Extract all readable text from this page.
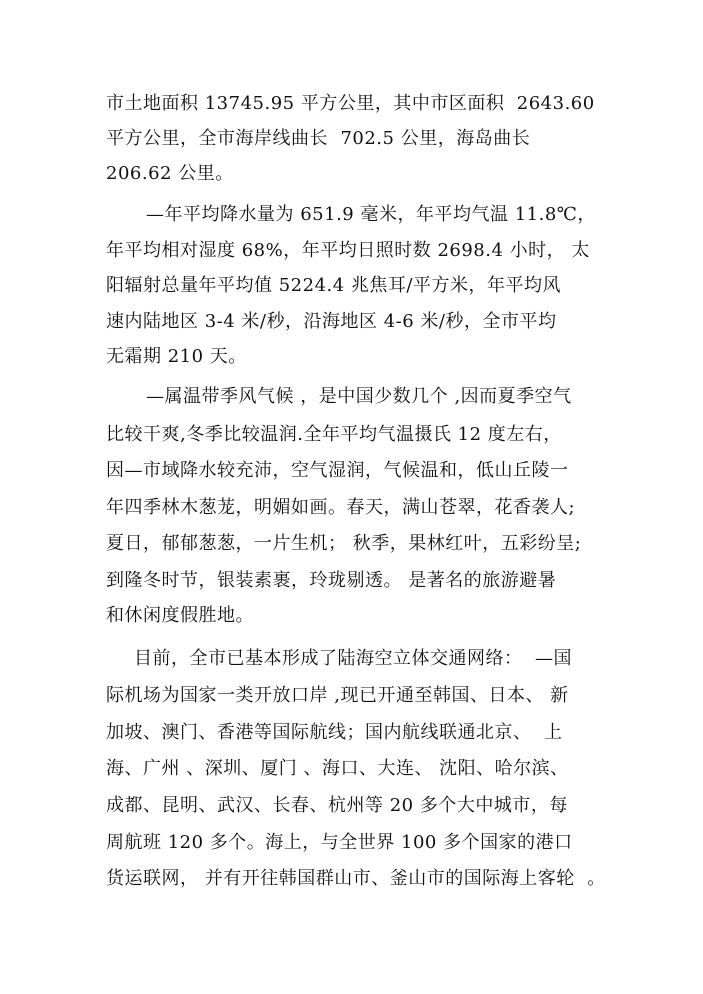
市土地面积 13745.95 平方公里，其中市区面积  2643.60
平方公里，全市海岸线曲长  702.5 公里，海岛曲长
206.62 公里。
—年平均降水量为 651.9 毫米，年平均气温 11.8℃，
年平均相对湿度 68%，年平均日照时数 2698.4 小时， 太
阳辐射总量年平均值 5224.4 兆焦耳/平方米，年平均风
速内陆地区 3-4 米/秒，沿海地区 4-6 米/秒，全市平均
无霜期 210 天。
—属温带季风气候 ，是中国少数几个 ,因而夏季空气
比较干爽,冬季比较温润.全年平均气温摄氏 12 度左右，
因—市域降水较充沛，空气湿润，气候温和，低山丘陵一
年四季林木葱茏，明媚如画。春天，满山苍翠，花香袭人;
夏日，郁郁葱葱，一片生机； 秋季，果林红叶，五彩纷呈;
到隆冬时节，银装素裹，玲珑剔透。 是著名的旅游避暑
和休闲度假胜地。
目前，全市已基本形成了陆海空立体交通网络：  —国
际机场为国家一类开放口岸 ,现已开通至韩国、日本、 新
加坡、澳门、香港等国际航线；国内航线联通北京、  上
海、广州 、深圳、厦门 、海口、大连、 沈阳、哈尔滨、
成都、昆明、武汉、长春、杭州等 20 多个大中城市，每
周航班 120 多个。海上，与全世界 100 多个国家的港口
货运联网， 并有开往韩国群山市、釜山市的国际海上客轮  。
